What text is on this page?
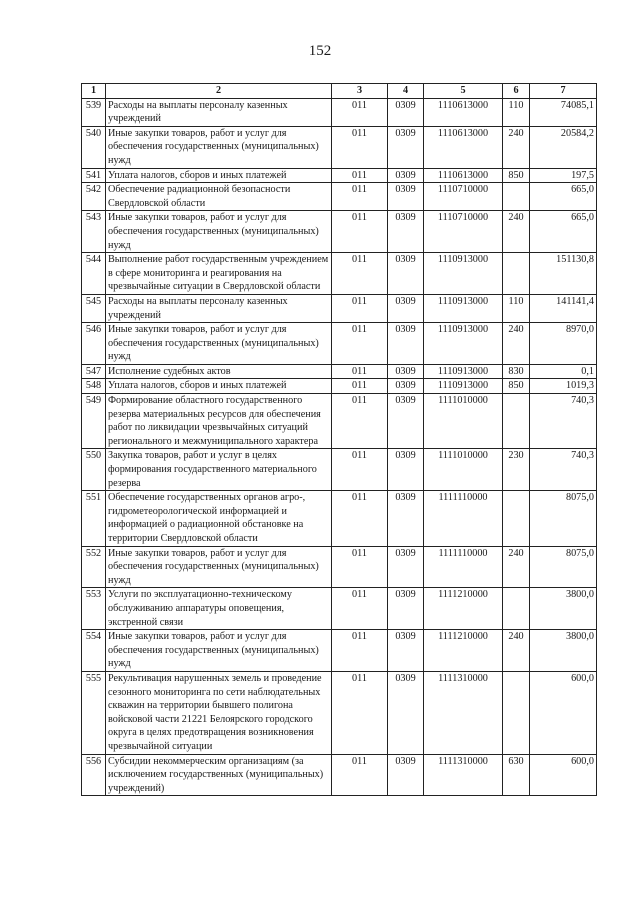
152
1	2	3	4	5	6	7
539	Расходы на выплаты персоналу казенных учреждений	011	0309	1110613000	110	74085,1
540	Иные закупки товаров, работ и услуг для обеспечения государственных (муниципальных) нужд	011	0309	1110613000	240	20584,2
541	Уплата налогов, сборов и иных платежей	011	0309	1110613000	850	197,5
542	Обеспечение радиационной безопасности Свердловской области	011	0309	1110710000		665,0
543	Иные закупки товаров, работ и услуг для обеспечения государственных (муниципальных) нужд	011	0309	1110710000	240	665,0
544	Выполнение работ государственным учреждением в сфере мониторинга и реагирования на чрезвычайные ситуации в Свердловской области	011	0309	1110913000		151130,8
545	Расходы на выплаты персоналу казенных учреждений	011	0309	1110913000	110	141141,4
546	Иные закупки товаров, работ и услуг для обеспечения государственных (муниципальных) нужд	011	0309	1110913000	240	8970,0
547	Исполнение судебных актов	011	0309	1110913000	830	0,1
548	Уплата налогов, сборов и иных платежей	011	0309	1110913000	850	1019,3
549	Формирование областного государственного резерва материальных ресурсов для обеспечения работ по ликвидации чрезвычайных ситуаций регионального и межмуниципального характера	011	0309	1111010000		740,3
550	Закупка товаров, работ и услуг в целях формирования государственного материального резерва	011	0309	1111010000	230	740,3
551	Обеспечение государственных органов агро-, гидрометеорологической информацией и информацией о радиационной обстановке на территории Свердловской области	011	0309	1111110000		8075,0
552	Иные закупки товаров, работ и услуг для обеспечения государственных (муниципальных) нужд	011	0309	1111110000	240	8075,0
553	Услуги по эксплуатационно-техническому обслуживанию аппаратуры оповещения, экстренной связи	011	0309	1111210000		3800,0
554	Иные закупки товаров, работ и услуг для обеспечения государственных (муниципальных) нужд	011	0309	1111210000	240	3800,0
555	Рекультивация нарушенных земель и проведение сезонного мониторинга по сети наблюдательных скважин на территории бывшего полигона войсковой части 21221 Белоярского городского округа в целях предотвращения возникновения чрезвычайной ситуации	011	0309	1111310000		600,0
556	Субсидии некоммерческим организациям (за исключением государственных (муниципальных) учреждений)	011	0309	1111310000	630	600,0
